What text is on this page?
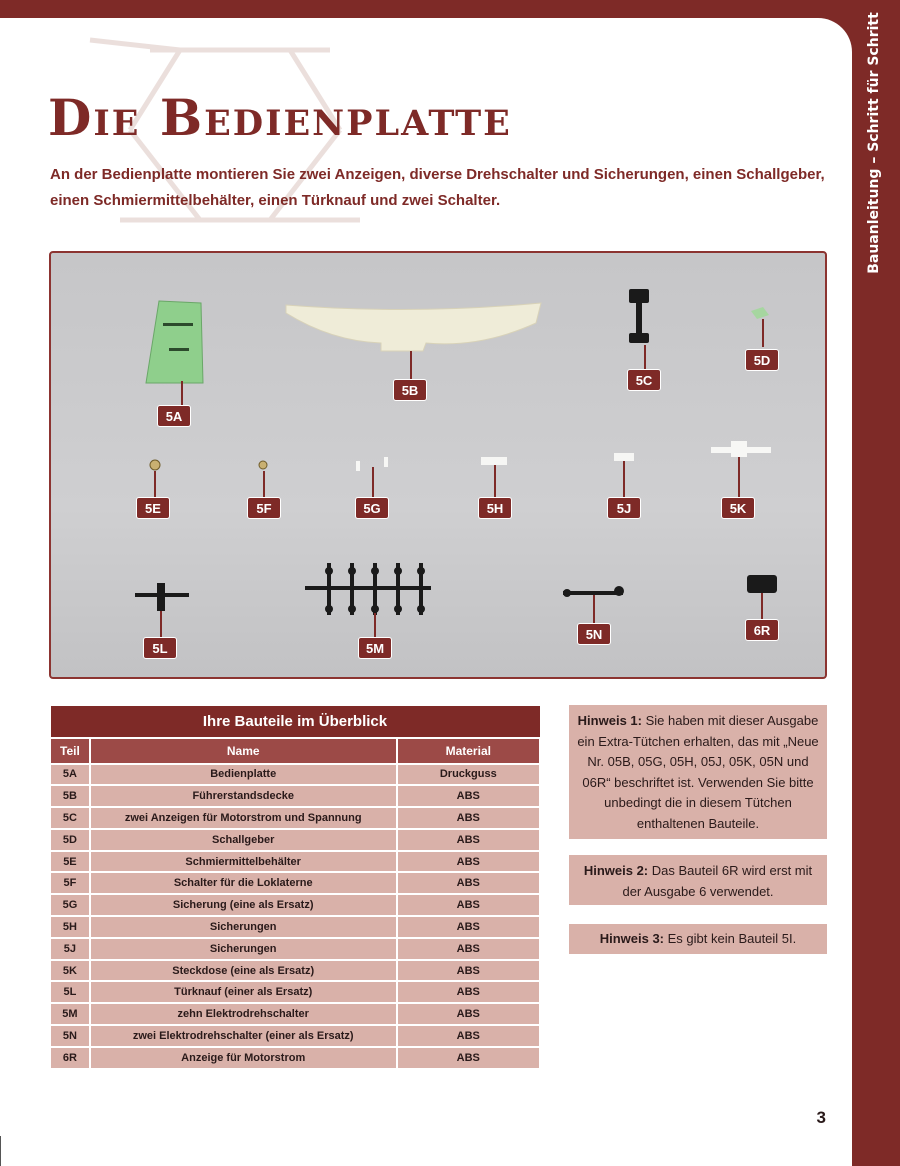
Bauanleitung – Schritt für Schritt
Die Bedienplatte
An der Bedienplatte montieren Sie zwei Anzeigen, diverse Drehschalter und Sicherungen, einen Schallgeber, einen Schmiermittelbehälter, einen Türknauf und zwei Schalter.
5A
5B
5C
5D
5E	5F	5G	5H	5J	5K
5L	5M
5N	6R
Ihre Bauteile im Überblick		
Teil	Name	Material
5A	Bedienplatte	Druckguss
5B	Führerstandsdecke	ABS
5C	zwei Anzeigen für Motorstrom und Spannung	ABS
5D	Schallgeber	ABS
5E	Schmiermittelbehälter	ABS
5F	Schalter für die Loklaterne	ABS
5G	Sicherung (eine als Ersatz)	ABS
5H	Sicherungen	ABS
5J	Sicherungen	ABS
5K	Steckdose (eine als Ersatz)	ABS
5L	Türknauf (einer als Ersatz)	ABS
5M	zehn Elektrodrehschalter	ABS
5N	zwei Elektrodrehschalter (einer als Ersatz)	ABS
6R	Anzeige für Motorstrom	ABS
Hinweis 1: Sie haben mit dieser Ausgabe ein Extra-Tütchen erhalten, das mit „Neue Nr. 05B, 05G, 05H, 05J, 05K, 05N und 06R“ beschriftet ist. Verwenden Sie bitte unbedingt die in diesem Tütchen enthaltenen Bauteile.
Hinweis 2: Das Bauteil 6R wird erst mit der Ausgabe 6 verwendet.
Hinweis 3: Es gibt kein Bauteil 5I.
3
